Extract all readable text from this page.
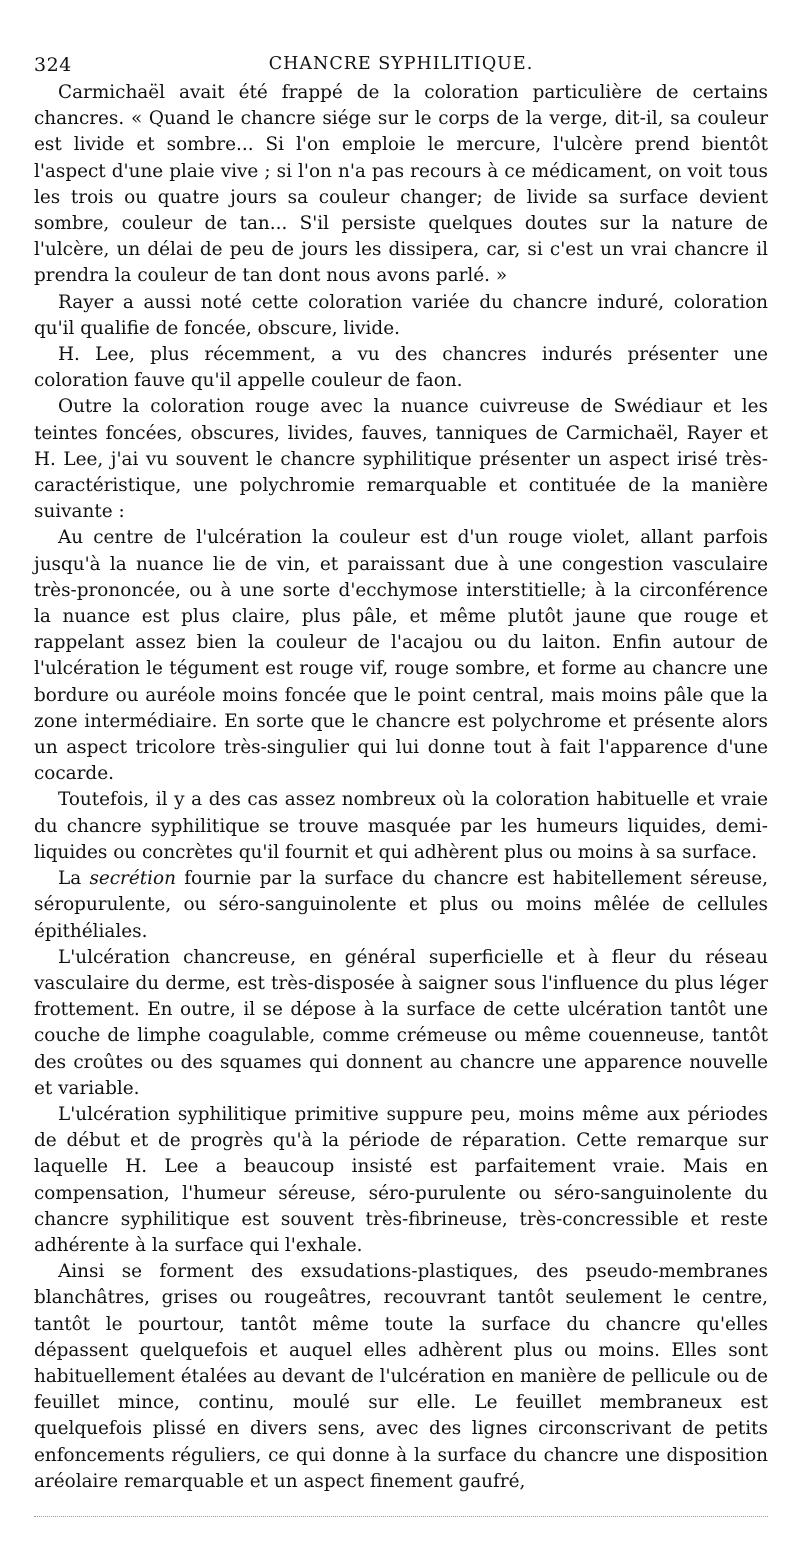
324	CHANCRE SYPHILITIQUE.

Carmichaël avait été frappé de la coloration particulière de certains chancres. « Quand le chancre siége sur le corps de la verge, dit-il, sa couleur est livide et sombre... Si l'on emploie le mercure, l'ulcère prend bientôt l'aspect d'une plaie vive ; si l'on n'a pas recours à ce médicament, on voit tous les trois ou quatre jours sa couleur changer; de livide sa surface devient sombre, couleur de tan... S'il persiste quelques doutes sur la nature de l'ulcère, un délai de peu de jours les dissipera, car, si c'est un vrai chancre il prendra la couleur de tan dont nous avons parlé. »

Rayer a aussi noté cette coloration variée du chancre induré, coloration qu'il qualifie de foncée, obscure, livide.

H. Lee, plus récemment, a vu des chancres indurés présenter une coloration fauve qu'il appelle couleur de faon.

Outre la coloration rouge avec la nuance cuivreuse de Swédiaur et les teintes foncées, obscures, livides, fauves, tanniques de Carmichaël, Rayer et H. Lee, j'ai vu souvent le chancre syphilitique présenter un aspect irisé très-caractéristique, une polychromie remarquable et contituée de la manière suivante :

Au centre de l'ulcération la couleur est d'un rouge violet, allant parfois jusqu'à la nuance lie de vin, et paraissant due à une congestion vasculaire très-prononcée, ou à une sorte d'ecchymose interstitielle; à la circonférence la nuance est plus claire, plus pâle, et même plutôt jaune que rouge et rappelant assez bien la couleur de l'acajou ou du laiton. Enfin autour de l'ulcération le tégument est rouge vif, rouge sombre, et forme au chancre une bordure ou auréole moins foncée que le point central, mais moins pâle que la zone intermédiaire. En sorte que le chancre est polychrome et présente alors un aspect tricolore très-singulier qui lui donne tout à fait l'apparence d'une cocarde.

Toutefois, il y a des cas assez nombreux où la coloration habituelle et vraie du chancre syphilitique se trouve masquée par les humeurs liquides, demi-liquides ou concrètes qu'il fournit et qui adhèrent plus ou moins à sa surface.

La secrétion fournie par la surface du chancre est habitellement séreuse, séropurulente, ou séro-sanguinolente et plus ou moins mêlée de cellules épithéliales.

L'ulcération chancreuse, en général superficielle et à fleur du réseau vasculaire du derme, est très-disposée à saigner sous l'influence du plus léger frottement. En outre, il se dépose à la surface de cette ulcération tantôt une couche de limphe coagulable, comme crémeuse ou même couenneuse, tantôt des croûtes ou des squames qui donnent au chancre une apparence nouvelle et variable.

L'ulcération syphilitique primitive suppure peu, moins même aux périodes de début et de progrès qu'à la période de réparation. Cette remarque sur laquelle H. Lee a beaucoup insisté est parfaitement vraie. Mais en compensation, l'humeur séreuse, séro-purulente ou séro-sanguinolente du chancre syphilitique est souvent très-fibrineuse, très-concressible et reste adhérente à la surface qui l'exhale.

Ainsi se forment des exsudations-plastiques, des pseudo-membranes blanchâtres, grises ou rougeâtres, recouvrant tantôt seulement le centre, tantôt le pourtour, tantôt même toute la surface du chancre qu'elles dépassent quelquefois et auquel elles adhèrent plus ou moins. Elles sont habituellement étalées au devant de l'ulcération en manière de pellicule ou de feuillet mince, continu, moulé sur elle. Le feuillet membraneux est quelquefois plissé en divers sens, avec des lignes circonscrivant de petits enfoncements réguliers, ce qui donne à la surface du chancre une disposition aréolaire remarquable et un aspect finement gaufré,
